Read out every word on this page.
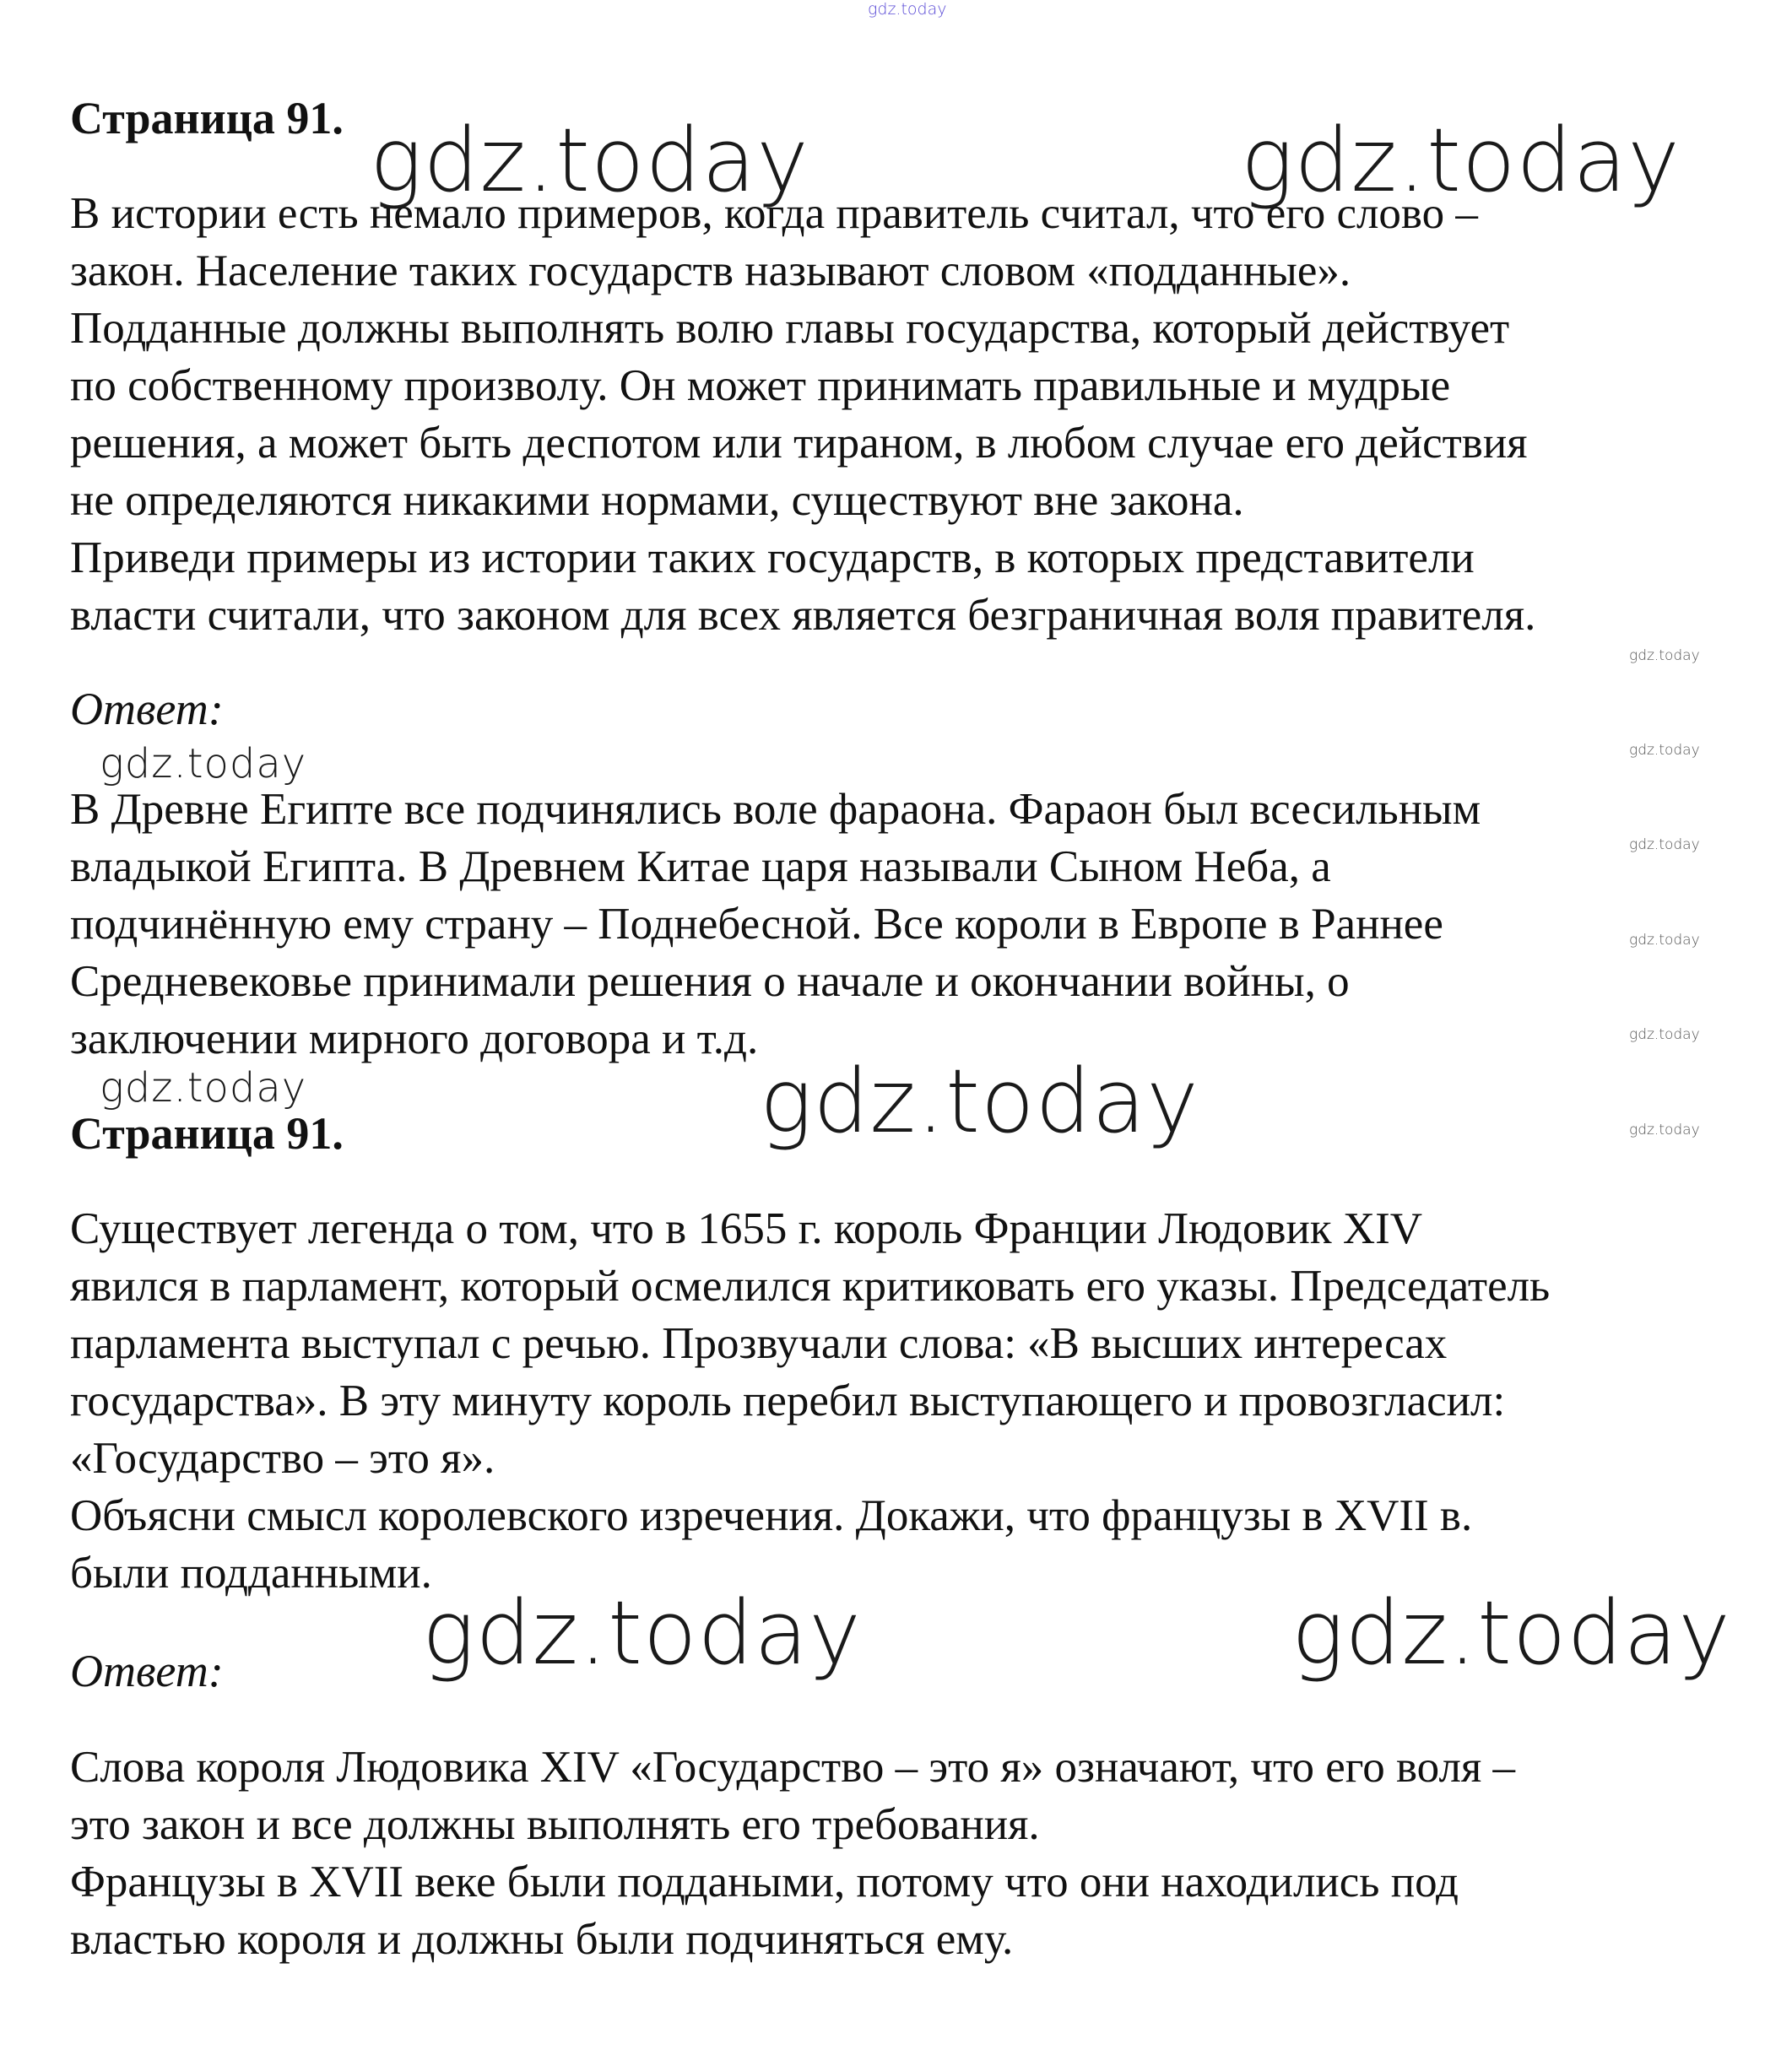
gdz.today
Страница 91.
В истории есть немало примеров, когда правитель считал, что его слово –
закон. Население таких государств называют словом «подданные».
Подданные должны выполнять волю главы государства, который действует
по собственному произволу. Он может принимать правильные и мудрые
решения, а может быть деспотом или тираном, в любом случае его действия
не определяются никакими нормами, существуют вне закона.
Приведи примеры из истории таких государств, в которых представители
власти считали, что законом для всех является безграничная воля правителя.
Ответ:
В Древне Египте все подчинялись воле фараона. Фараон был всесильным
владыкой Египта. В Древнем Китае царя называли Сыном Неба, а
подчинённую ему страну – Поднебесной. Все короли в Европе в Раннее
Средневековье принимали решения о начале и окончании войны, о
заключении мирного договора и т.д.
Страница 91.
Существует легенда о том, что в 1655 г. король Франции Людовик XIV
явился в парламент, который осмелился критиковать его указы. Председатель
парламента выступал с речью. Прозвучали слова: «В высших интересах
государства». В эту минуту король перебил выступающего и провозгласил:
«Государство – это я».
Объясни смысл королевского изречения. Докажи, что французы в XVII в.
были подданными.
Ответ:
Слова короля Людовика XIV «Государство – это я» означают, что его воля –
это закон и все должны выполнять его требования.
Французы в XVII веке были поддаными, потому что они находились под
властью короля и должны были подчиняться ему.
gdz.today	gdz.today
gdz.today
gdz.today	gdz.today
gdz.today
gdz.today
gdz.today
gdz.today
gdz.today
gdz.today
gdz.today
gdz.today
